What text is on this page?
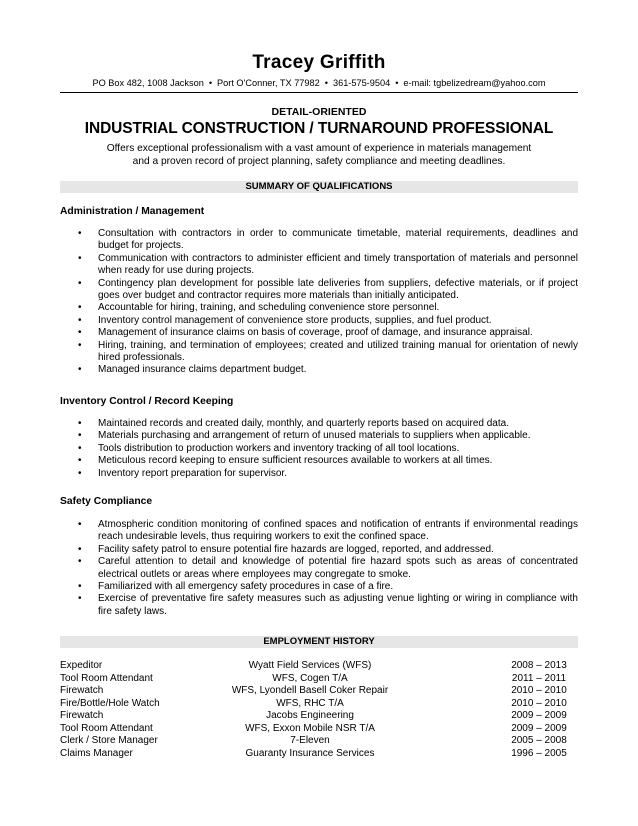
Tracey Griffith
PO Box 482, 1008 Jackson • Port O'Conner, TX 77982 • 361-575-9504 • e-mail: tgbelizedream@yahoo.com
DETAIL-ORIENTED
INDUSTRIAL CONSTRUCTION / TURNAROUND PROFESSIONAL
Offers exceptional professionalism with a vast amount of experience in materials management and a proven record of project planning, safety compliance and meeting deadlines.
SUMMARY OF QUALIFICATIONS
Administration / Management
• Consultation with contractors in order to communicate timetable, material requirements, deadlines and budget for projects.
• Communication with contractors to administer efficient and timely transportation of materials and personnel when ready for use during projects.
• Contingency plan development for possible late deliveries from suppliers, defective materials, or if project goes over budget and contractor requires more materials than initially anticipated.
• Accountable for hiring, training, and scheduling convenience store personnel.
• Inventory control management of convenience store products, supplies, and fuel product.
• Management of insurance claims on basis of coverage, proof of damage, and insurance appraisal.
• Hiring, training, and termination of employees; created and utilized training manual for orientation of newly hired professionals.
• Managed insurance claims department budget.
Inventory Control / Record Keeping
• Maintained records and created daily, monthly, and quarterly reports based on acquired data.
• Materials purchasing and arrangement of return of unused materials to suppliers when applicable.
• Tools distribution to production workers and inventory tracking of all tool locations.
• Meticulous record keeping to ensure sufficient resources available to workers at all times.
• Inventory report preparation for supervisor.
Safety Compliance
• Atmospheric condition monitoring of confined spaces and notification of entrants if environmental readings reach undesirable levels, thus requiring workers to exit the confined space.
• Facility safety patrol to ensure potential fire hazards are logged, reported, and addressed.
• Careful attention to detail and knowledge of potential fire hazard spots such as areas of concentrated electrical outlets or areas where employees may congregate to smoke.
• Familiarized with all emergency safety procedures in case of a fire.
• Exercise of preventative fire safety measures such as adjusting venue lighting or wiring in compliance with fire safety laws.
EMPLOYMENT HISTORY
Expeditor	Wyatt Field Services (WFS)	2008 – 2013
Tool Room Attendant	WFS, Cogen T/A	2011 – 2011
Firewatch	WFS, Lyondell Basell Coker Repair	2010 – 2010
Fire/Bottle/Hole Watch	WFS, RHC T/A	2010 – 2010
Firewatch	Jacobs Engineering	2009 – 2009
Tool Room Attendant	WFS, Exxon Mobile NSR T/A	2009 – 2009
Clerk / Store Manager	7-Eleven	2005 – 2008
Claims Manager	Guaranty Insurance Services	1996 – 2005
